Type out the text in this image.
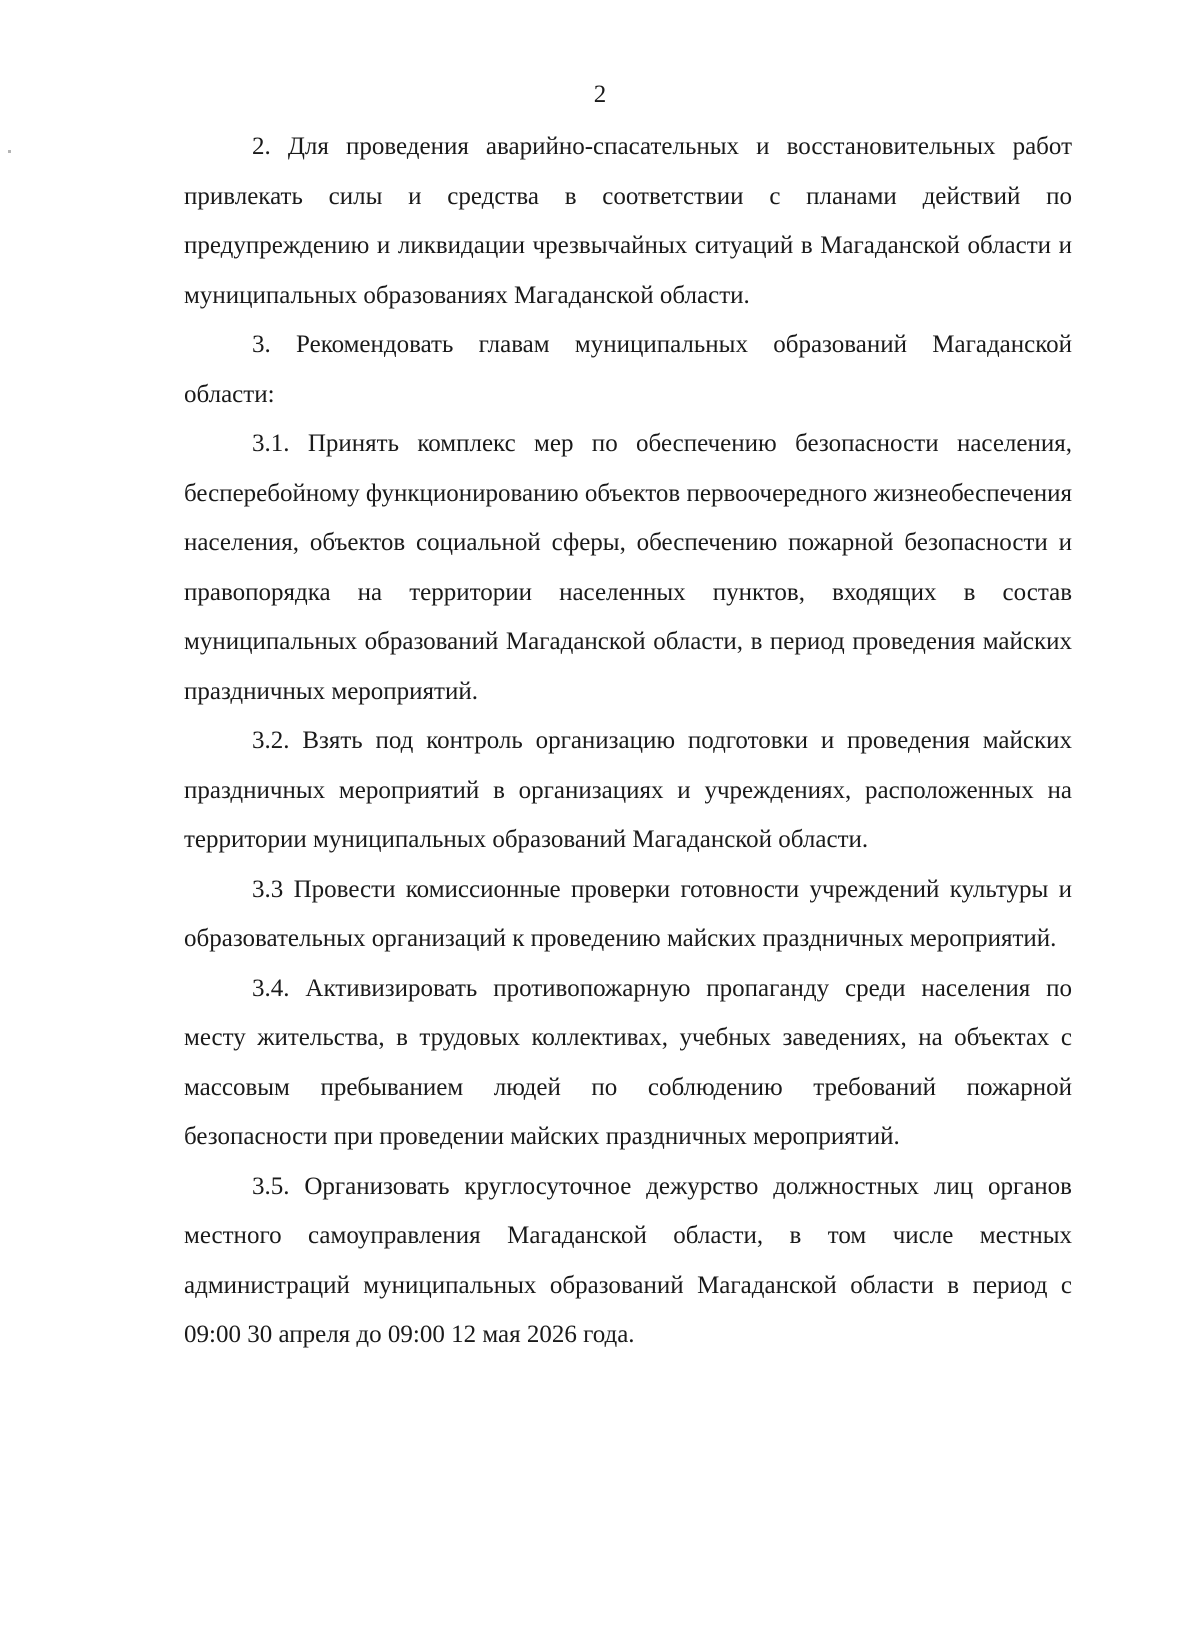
2

2. Для проведения аварийно-спасательных и восстановительных работ привлекать силы и средства в соответствии с планами действий по предупреждению и ликвидации чрезвычайных ситуаций в Магаданской области и муниципальных образованиях Магаданской области.

3. Рекомендовать главам муниципальных образований Магаданской области:

3.1. Принять комплекс мер по обеспечению безопасности населения, бесперебойному функционированию объектов первоочередного жизнеобеспечения населения, объектов социальной сферы, обеспечению пожарной безопасности и правопорядка на территории населенных пунктов, входящих в состав муниципальных образований Магаданской области, в период проведения майских праздничных мероприятий.

3.2. Взять под контроль организацию подготовки и проведения майских праздничных мероприятий в организациях и учреждениях, расположенных на территории муниципальных образований Магаданской области.

3.3 Провести комиссионные проверки готовности учреждений культуры и образовательных организаций к проведению майских праздничных мероприятий.

3.4. Активизировать противопожарную пропаганду среди населения по месту жительства, в трудовых коллективах, учебных заведениях, на объектах с массовым пребыванием людей по соблюдению требований пожарной безопасности при проведении майских праздничных мероприятий.

3.5. Организовать круглосуточное дежурство должностных лиц органов местного самоуправления Магаданской области, в том числе местных администраций муниципальных образований Магаданской области в период с 09:00 30 апреля до 09:00 12 мая 2026 года.
